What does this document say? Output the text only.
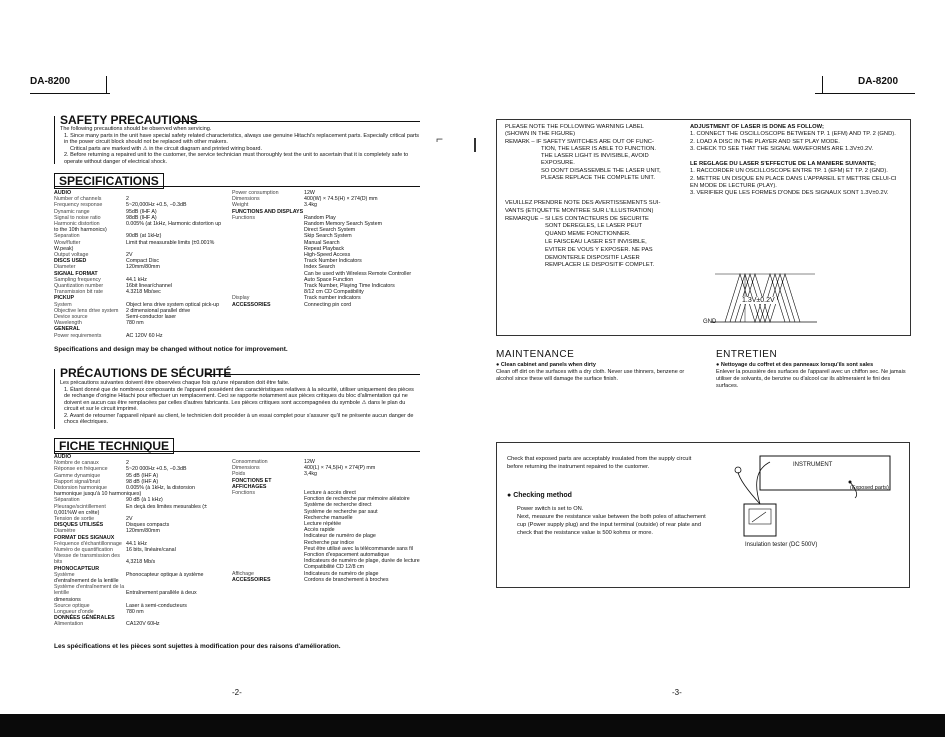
DA-8200
SAFETY PRECAUTIONS
The following precautions should be observed when servicing.
1. Since many parts in the unit have special safety related characteristics, always use genuine Hitachi's replacement parts. Especially critical parts in the power circuit block should not be replaced with other makers.
Critical parts are marked with ⚠ in the circuit diagram and printed wiring board.
2. Before returning a repaired unit to the customer, the service technician must thoroughly test the unit to ascertain that it is completely safe to operate without danger of electrical shock.
SPECIFICATIONS
AUDIO
Number of channels	2
Frequency response	5~20,000Hz +0.5, −0.3dB
Dynamic range	95dB (IHF A)
Signal to noise ratio	98dB (IHF A)
Harmonic distortion	0.005% (at 1kHz, Harmonic distortion up to the 10th harmonics)
Separation	90dB (at 1kHz)
Wow/flutter	Limit that measurable limits (±0.001% W.peak)
Output voltage	2V
DISCS USED	Compact Disc
Diameter	120mm/80mm
SIGNAL FORMAT
Sampling frequency	44.1 kHz
Quantization number	16bit linear/channel
Transmission bit rate	4.3218 Mb/sec
PICKUP
System	Object lens drive system optical pick-up
Objective lens drive system 2 dimensional parallel drive
Device source	Semi-conductor laser
Wavelength	780 nm
GENERAL
Power requirements	AC 120V 60 Hz
Power consumption	12W
Dimensions	400(W) × 74.5(H) × 274(D) mm
Weight	3.4kg
FUNCTIONS AND DISPLAYS
Functions	Random Play
Random Memory Search System
Direct Search System
Skip Search System
Manual Search
Repeat Playback
High-Speed Access
Track Number Indicators
Index Search
Can be used with Wireless Remote Controller
Auto Space Function
Track Number, Playing Time Indicators
8/12 cm CD Compatibility
Display	Track number indicators
ACCESSORIES	Connecting pin cord
Specifications and design may be changed without notice for improvement.
PRÉCAUTIONS DE SÉCURITÉ
Les précautions suivantes doivent être observées chaque fois qu'une réparation doit être faite.
1. Étant donné que de nombreux composants de l'appareil possèdent des caractéristiques relatives à la sécurité, utiliser uniquement des pièces de rechange d'origine Hitachi pour effectuer un remplacement. Ceci se rapporte notamment aux pièces critiques du bloc d'alimentation qui ne doivent en aucun cas être remplacées par celles d'autres fabricants. Les pièces critiques sont accompagnées du symbole ⚠ dans le plan du circuit et sur le circuit imprimé.
2. Avant de retourner l'appareil réparé au client, le technicien doit procéder à un essai complet pour s'assurer qu'il ne présente aucun danger de chocs électriques.
FICHE TECHNIQUE
AUDIO
Nombre de canaux	2
Réponse en fréquence	5~20 000Hz +0.5, −0.3dB
Gamme dynamique	95 dB (IHF A)
Rapport signal/bruit	98 dB (IHF A)
Distorsion harmonique	0.005% (à 1kHz, la distorsion harmonique jusqu'à 10 harmoniques)
Séparation	90 dB (à 1 kHz)
Pleurage/scintillement	En deçà des limites mesurables (± 0,001%W en crête)
Tension de sortie	2V
DISQUES UTILISÉS	Disques compacts
Diamètre	120mm/80mm
FORMAT DES SIGNAUX
Fréquence d'échantillonnage 44.1 kHz
Numéro de quantification 16 bits, linéaire/canal
Vitesse de transmission des bits	4,3218 Mb/s
PHONOCAPTEUR
Système	Phonocapteur optique à système d'entraînement de la lentille
Système d'entraînement de la lentille	Entraînement parallèle à deux dimensions
Source optique	Laser à semi-conducteurs
Longueur d'onde	780 nm
DONNÉES GÉNÉRALES
Alimentation	CA120V 60Hz
Consommation	12W
Dimensions	400(L) × 74,5(H) × 274(P) mm
Poids	3,4kg
FONCTIONS ET AFFICHAGES
Fonctions	Lecture à accès direct
Fonction de recherche par mémoire aléatoire
Système de recherche direct
Système de recherche par saut
Recherche manuelle
Lecture répétée
Accès rapide
Indicateur de numéro de plage
Recherche par indice
Peut être utilisé avec la télécommande sans fil
Fonction d'espacement automatique
Indicateurs de numéro de plage, durée de lecture
Compatibilité CD 12/8 cm
Affichage	Indicateurs de numéro de plage
ACCESSOIRES	Cordons de branchement à broches
Les spécifications et les pièces sont sujettes à modification pour des raisons d'amélioration.
-2-
DA-8200
PLEASE NOTE THE FOLLOWING WARNING LABEL
(SHOWN IN THE FIGURE)
REMARK – IF SAFETY SWITCHES ARE OUT OF FUNC-
TION, THE LASER IS ABLE TO FUNCTION.
THE LASER LIGHT IS INVISIBLE, AVOID
EXPOSURE.
SO DON'T DISASSEMBLE THE LASER UNIT,
PLEASE REPLACE THE COMPLETE UNIT.
VEUILLEZ PRENDRE NOTE DES AVERTISSEMENTS SUI-
VANTS (ETIQUETTE MONTREE SUR L'ILLUSTRATION)
REMARQUE – SI LES CONTACTEURS DE SECURITE
SONT DEREGLES, LE LASER PEUT
QUAND MEME FONCTIONNER.
LE FAISCEAU LASER EST INVISIBLE,
EVITER DE VOUS Y EXPOSER. NE PAS
DEMONTERLE DISPOSITIF LASER
REMPLACER LE DISPOSITIF COMPLET.
ADJUSTMENT OF LASER IS DONE AS FOLLOW;
1. CONNECT THE OSCILLOSCOPE BETWEEN TP. 1 (EFM) AND TP. 2 (GND).
2. LOAD A DISC IN THE PLAYER AND SET PLAY MODE.
3. CHECK TO SEE THAT THE SIGNAL WAVEFORMS ARE 1.3V±0.2V.
LE REGLAGE DU LASER S'EFFECTUE DE LA MANIERE SUIVANTE;
1. RACCORDER UN OSCILLOSCOPE ENTRE TP. 1 (EFM) ET TP. 2 (GND).
2. METTRE UN DISQUE EN PLACE DANS L'APPAREIL ET METTRE CELUI-CI EN MODE DE LECTURE (PLAY).
3. VERIFIER QUE LES FORMES D'ONDE DES SIGNAUX SONT 1.3V±0.2V.
1.3V±0.2V
GND
MAINTENANCE
● Clean cabinet and panels when dirty
Clean off dirt on the surfaces with a dry cloth. Never use thinners, benzene or alcohol since these will damage the surface finish.
ENTRETIEN
● Nettoyage du coffret et des panneaux lorsqu'ils sont sales
Enlever la poussière des surfaces de l'appareil avec un chiffon sec. Ne jamais utiliser de solvants, de benzine ou d'alcool car ils abîmeraient le fini des surfaces.
Check that exposed parts are acceptably insulated from the supply circuit before returning the instrument repaired to the customer.
● Checking method
Power switch is set to ON.
Next, measure the resistance value between the both poles of attachement cup (Power supply plug) and the input terminal (outside) of rear plate and check that the resistance value is 500 kohms or more.
INSTRUMENT
(Exposed parts)
Insulation tester (DC 500V)
-3-
⌐
